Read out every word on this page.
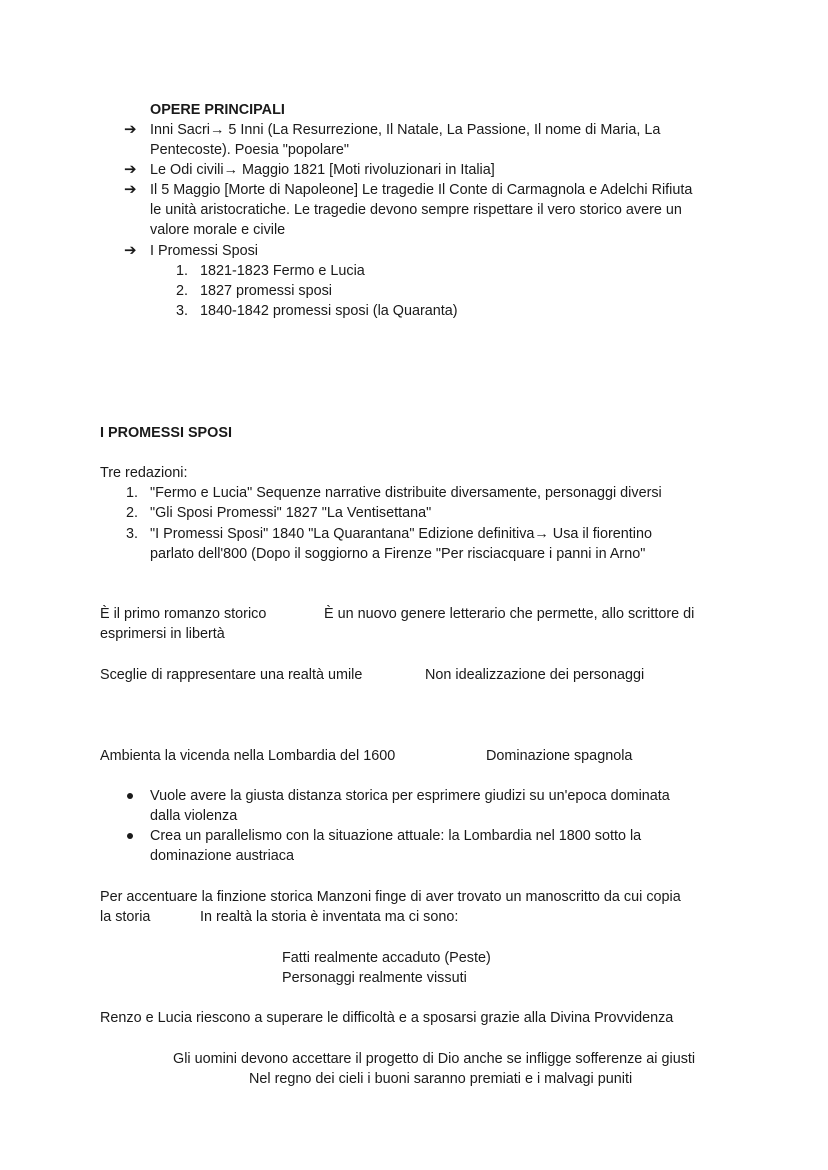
OPERE PRINCIPALI
➔ Inni Sacri→ 5 Inni (La Resurrezione, Il Natale, La Passione, Il nome di Maria, La
Pentecoste). Poesia "popolare"
➔ Le Odi civili→ Maggio 1821 [Moti rivoluzionari in Italia]
➔ Il 5 Maggio [Morte di Napoleone] Le tragedie Il Conte di Carmagnola e Adelchi Rifiuta
le unità aristocratiche. Le tragedie devono sempre rispettare il vero storico avere un
valore morale e civile
➔ I Promessi Sposi
1. 1821-1823 Fermo e Lucia
2. 1827 promessi sposi
3. 1840-1842 promessi sposi (la Quaranta)
I PROMESSI SPOSI
Tre redazioni:
1. "Fermo e Lucia" Sequenze narrative distribuite diversamente, personaggi diversi
2. "Gli Sposi Promessi" 1827 "La Ventisettana"
3. "I Promessi Sposi" 1840 "La Quarantana" Edizione definitiva→ Usa il fiorentino
parlato dell'800 (Dopo il soggiorno a Firenze "Per risciacquare i panni in Arno"
È il primo romanzo storico	È un nuovo genere letterario che permette, allo scrittore di
esprimersi in libertà
Sceglie di rappresentare una realtà umile	Non idealizzazione dei personaggi
Ambienta la vicenda nella Lombardia del 1600	Dominazione spagnola
Vuole avere la giusta distanza storica per esprimere giudizi su un'epoca dominata
dalla violenza
Crea un parallelismo con la situazione attuale: la Lombardia nel 1800 sotto la
dominazione austriaca
Per accentuare la finzione storica Manzoni finge di aver trovato un manoscritto da cui copia
la storia	In realtà la storia è inventata ma ci sono:
Fatti realmente accaduto (Peste)
Personaggi realmente vissuti
Renzo e Lucia riescono a superare le difficoltà e a sposarsi grazie alla Divina Provvidenza
Gli uomini devono accettare il progetto di Dio anche se infligge sofferenze ai giusti
Nel regno dei cieli i buoni saranno premiati e i malvagi puniti
